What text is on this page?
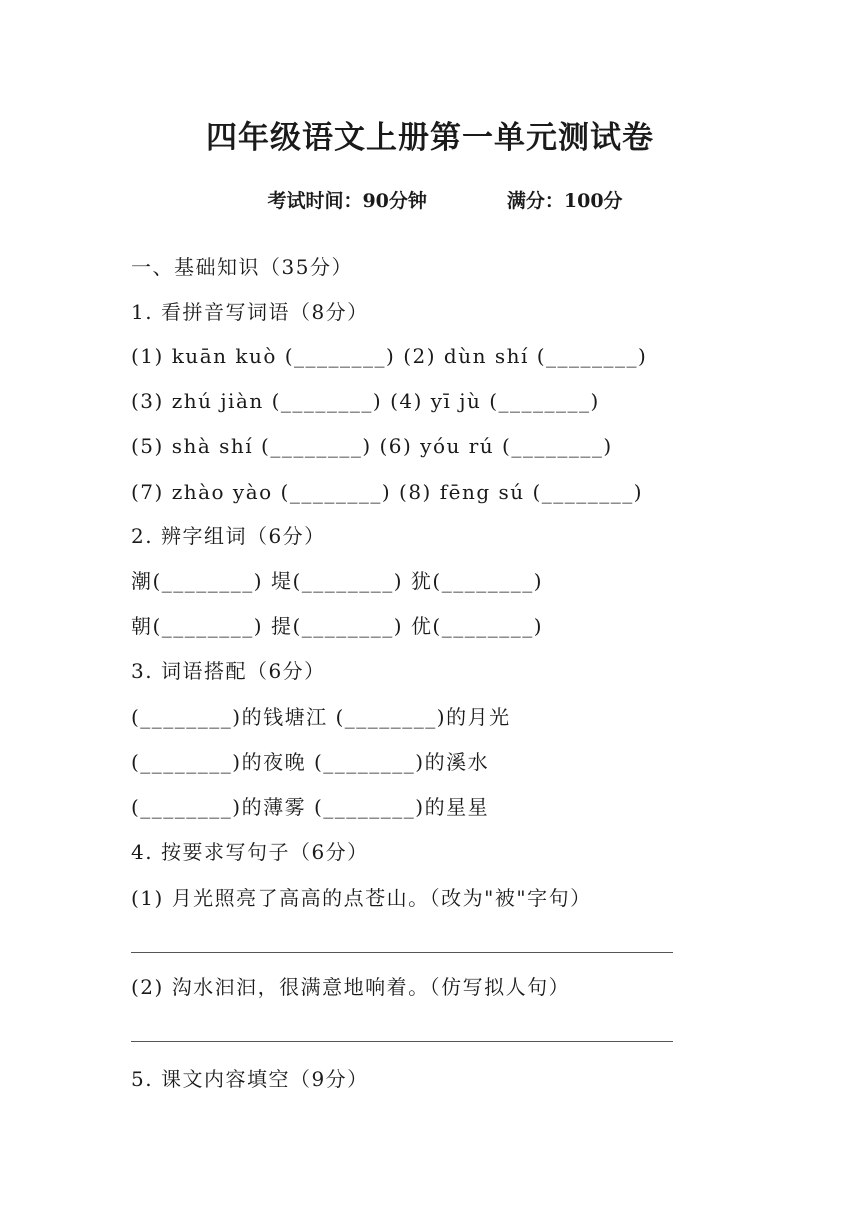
四年级语文上册第一单元测试卷
考试时间：90分钟	满分：100分
一、基础知识（35分）
1. 看拼音写词语（8分）
(1) kuān kuò (________) (2) dùn shí (________)
(3) zhú jiàn (________) (4) yī jù (________)
(5) shà shí (________) (6) yóu rú (________)
(7) zhào yào (________) (8) fēng sú (________)
2. 辨字组词（6分）
潮(________) 堤(________) 犹(________)
朝(________) 提(________) 优(________)
3. 词语搭配（6分）
(________)的钱塘江 (________)的月光
(________)的夜晚 (________)的溪水
(________)的薄雾 (________)的星星
4. 按要求写句子（6分）
(1) 月光照亮了高高的点苍山。（改为"被"字句）
(2) 沟水汩汩，很满意地响着。（仿写拟人句）
5. 课文内容填空（9分）
